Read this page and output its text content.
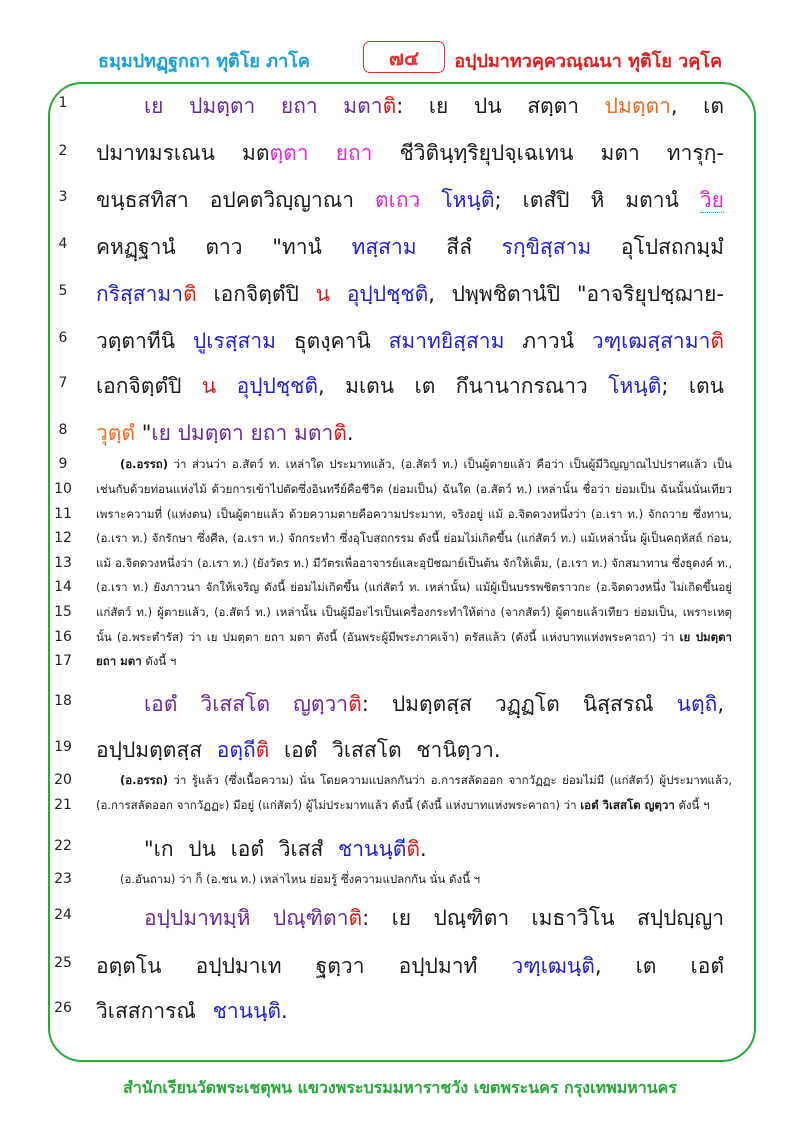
ธมฺมปทฏฺฐกถา ทุติโย ภาโค	๗๔	อปฺปมาทวคฺควณฺณนา ทุติโย วคฺโค
1
2
3
4
5
6
7
8
9
10
11
12
13
14
15
16
17
18
19
20
21
22
23
24
25
26
เย ปมตฺตา ยถา มตาติ: เย ปน สตฺตา ปมตฺตา, เต
ปมาทมรเณน มตตฺตา ยถา ชีวิตินฺทฺริยุปจฺเฉเทน มตา ทารุกฺ-
ขนฺธสทิสา อปคตวิญฺญาณา ตเถว โหนฺติ; เตสํปิ หิ มตานํ วิย
คหฏฺฐานํ ตาว "ทานํ ทสฺสาม สีลํ รกฺขิสฺสาม อุโปสถกมฺมํ
กริสฺสามาติ เอกจิตฺตํปิ น อุปฺปชฺชติ, ปพฺพชิตานํปิ "อาจริยุปชฺฌาย-
วตฺตาทีนิ ปูเรสฺสาม ธุตงฺคานิ สมาทยิสฺสาม ภาวนํ วฑฺเฒสฺสามาติ
เอกจิตฺตํปิ น อุปฺปชฺชติ, มเตน เต กึนานากรณาว โหนฺติ; เตน
วุตฺตํ "เย ปมตฺตา ยถา มตาติ.
(อ.อรรถ) ว่า ส่วนว่า อ.สัตว์ ท. เหล่าใด ประมาทแล้ว, (อ.สัตว์ ท.) เป็นผู้ตายแล้ว คือว่า เป็นผู้มีวิญญาณไปปราศแล้ว เป็น
เช่นกับด้วยท่อนแห่งไม้ ด้วยการเข้าไปตัดซึ่งอินทรีย์คือชีวิต (ย่อมเป็น) ฉันใด (อ.สัตว์ ท.) เหล่านั้น ชื่อว่า ย่อมเป็น ฉันนั้นนั่นเทียว
เพราะความที่ (แห่งตน) เป็นผู้ตายแล้ว ด้วยความตายคือความประมาท, จริงอยู่ แม้ อ.จิตดวงหนึ่งว่า (อ.เรา ท.) จักถวาย ซึ่งทาน,
(อ.เรา ท.) จักรักษา ซึ่งศีล, (อ.เรา ท.) จักกระทำ ซึ่งอุโบสถกรรม ดังนี้ ย่อมไม่เกิดขึ้น (แก่สัตว์ ท.) แม้เหล่านั้น ผู้เป็นคฤหัสถ์ ก่อน,
แม้ อ.จิตดวงหนึ่งว่า (อ.เรา ท.) (ยังวัตร ท.) มีวัตรเพื่ออาจารย์และอุปัชฌาย์เป็นต้น จักให้เต็ม, (อ.เรา ท.) จักสมาทาน ซึ่งธุดงค์ ท.,
(อ.เรา ท.) ยังภาวนา จักให้เจริญ ดังนี้ ย่อมไม่เกิดขึ้น (แก่สัตว์ ท. เหล่านั้น) แม้ผู้เป็นบรรพชิตราวกะ (อ.จิตดวงหนึ่ง ไม่เกิดขึ้นอยู่
แก่สัตว์ ท.) ผู้ตายแล้ว, (อ.สัตว์ ท.) เหล่านั้น เป็นผู้มีอะไรเป็นเครื่องกระทำให้ต่าง (จากสัตว์) ผู้ตายแล้วเทียว ย่อมเป็น, เพราะเหตุ
นั้น (อ.พระตำรัส) ว่า เย ปมตฺตา ยถา มตา ดังนี้ (อันพระผู้มีพระภาคเจ้า) ตรัสแล้ว (ดังนี้ แห่งบาทแห่งพระคาถา) ว่า เย ปมตฺตา
ยถา มตา ดังนี้ ฯ
เอตํ วิเสสโต ญตฺวาติ: ปมตฺตสฺส วฏฺฏโต นิสฺสรณํ นตฺถิ,
อปฺปมตฺตสฺส อตฺถีติ เอตํ วิเสสโต ชานิตฺวา.
(อ.อรรถ) ว่า รู้แล้ว (ซึ่งเนื้อความ) นั่น โดยความแปลกกันว่า อ.การสลัดออก จากวัฏฏะ ย่อมไม่มี (แก่สัตว์) ผู้ประมาทแล้ว,
(อ.การสลัดออก จากวัฏฏะ) มีอยู่ (แก่สัตว์) ผู้ไม่ประมาทแล้ว ดังนี้ (ดังนี้ แห่งบาทแห่งพระคาถา) ว่า เอตํ วิเสสโต ญตฺวา ดังนี้ ฯ
"เก ปน เอตํ วิเสสํ ชานนฺตีติ.
(อ.อันถาม) ว่า ก็ (อ.ชน ท.) เหล่าไหน ย่อมรู้ ซึ่งความแปลกกัน นั่น ดังนี้ ฯ
อปฺปมาทมฺหิ ปณฺฑิตาติ: เย ปณฺฑิตา เมธาวิโน สปฺปญฺญา
อตฺตโน อปฺปมาเท ฐตฺวา อปฺปมาทํ วฑฺเฒนฺติ, เต เอตํ
วิเสสการณํ ชานนฺติ.
สำนักเรียนวัดพระเชตุพน แขวงพระบรมมหาราชวัง เขตพระนคร กรุงเทพมหานคร
